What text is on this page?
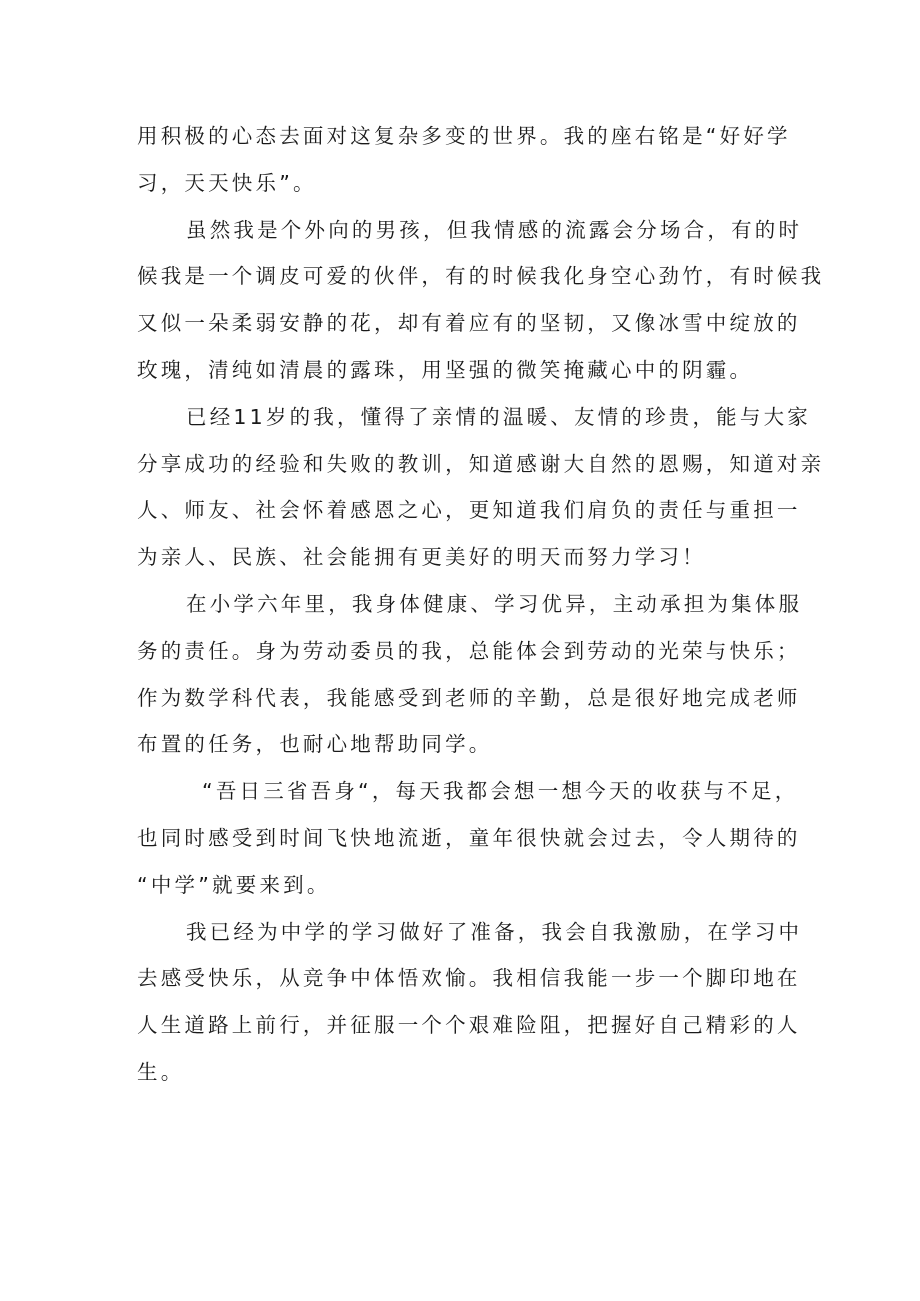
用积极的心态去面对这复杂多变的世界。我的座右铭是“好好学
习，天天快乐”。
虽然我是个外向的男孩，但我情感的流露会分场合，有的时
候我是一个调皮可爱的伙伴，有的时候我化身空心劲竹，有时候我
又似一朵柔弱安静的花，却有着应有的坚韧，又像冰雪中绽放的
玫瑰，清纯如清晨的露珠，用坚强的微笑掩藏心中的阴霾。
已经11岁的我，懂得了亲情的温暖、友情的珍贵，能与大家
分享成功的经验和失败的教训，知道感谢大自然的恩赐，知道对亲
人、师友、社会怀着感恩之心，更知道我们肩负的责任与重担一
为亲人、民族、社会能拥有更美好的明天而努力学习！
在小学六年里，我身体健康、学习优异，主动承担为集体服
务的责任。身为劳动委员的我，总能体会到劳动的光荣与快乐；
作为数学科代表，我能感受到老师的辛勤，总是很好地完成老师
布置的任务，也耐心地帮助同学。
“吾日三省吾身“，每天我都会想一想今天的收获与不足，
也同时感受到时间飞快地流逝，童年很快就会过去，令人期待的
“中学”就要来到。
我已经为中学的学习做好了准备，我会自我激励，在学习中
去感受快乐，从竞争中体悟欢愉。我相信我能一步一个脚印地在
人生道路上前行，并征服一个个艰难险阻，把握好自己精彩的人
生。
